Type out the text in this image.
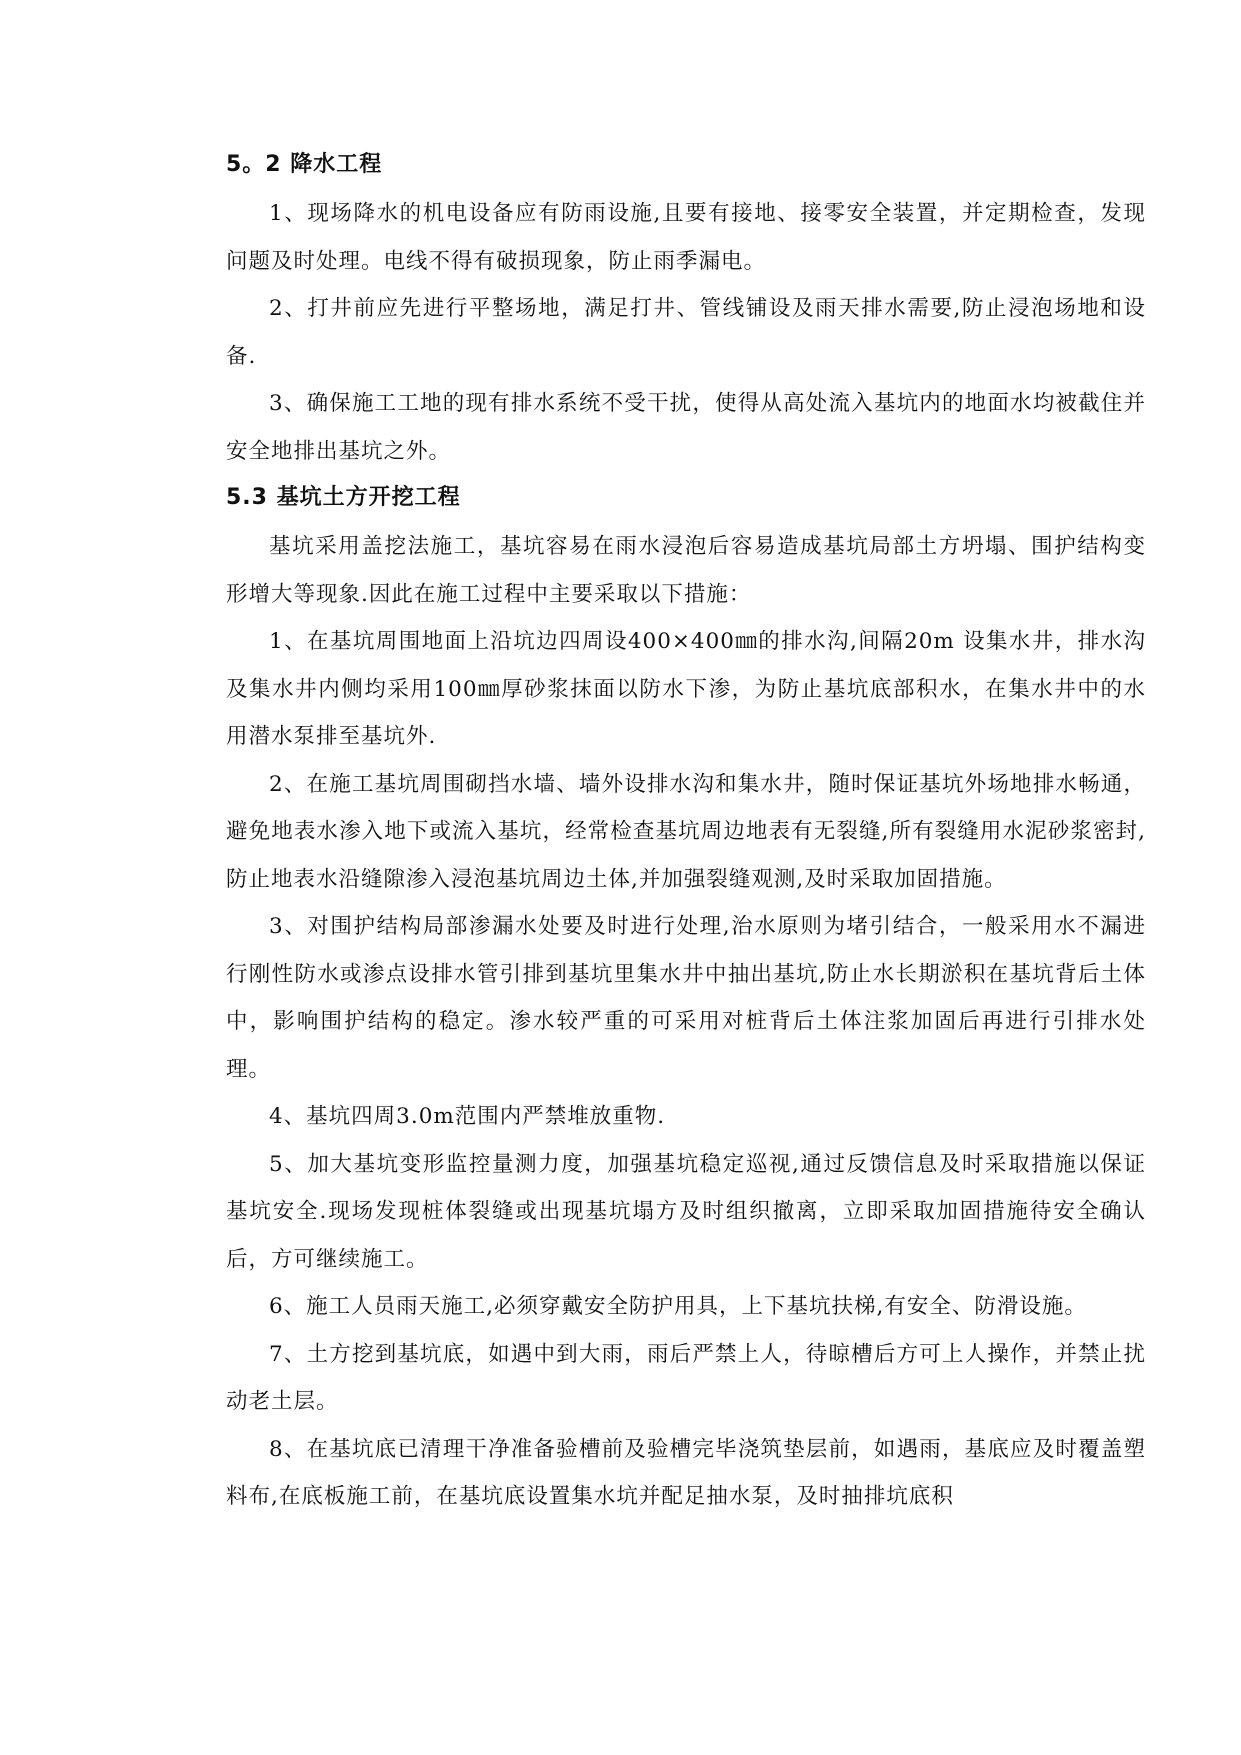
5。2 降水工程

1、现场降水的机电设备应有防雨设施,且要有接地、接零安全装置，并定期检查，发现问题及时处理。电线不得有破损现象，防止雨季漏电。

2、打井前应先进行平整场地，满足打井、管线铺设及雨天排水需要,防止浸泡场地和设备.

3、确保施工工地的现有排水系统不受干扰，使得从高处流入基坑内的地面水均被截住并安全地排出基坑之外。

5.3 基坑土方开挖工程

基坑采用盖挖法施工，基坑容易在雨水浸泡后容易造成基坑局部土方坍塌、围护结构变形增大等现象.因此在施工过程中主要采取以下措施：

1、在基坑周围地面上沿坑边四周设400×400㎜的排水沟,间隔20m 设集水井，排水沟及集水井内侧均采用100㎜厚砂浆抹面以防水下渗，为防止基坑底部积水，在集水井中的水用潜水泵排至基坑外.

2、在施工基坑周围砌挡水墙、墙外设排水沟和集水井，随时保证基坑外场地排水畅通，避免地表水渗入地下或流入基坑，经常检查基坑周边地表有无裂缝,所有裂缝用水泥砂浆密封,防止地表水沿缝隙渗入浸泡基坑周边土体,并加强裂缝观测,及时采取加固措施。

3、对围护结构局部渗漏水处要及时进行处理,治水原则为堵引结合，一般采用水不漏进行刚性防水或渗点设排水管引排到基坑里集水井中抽出基坑,防止水长期淤积在基坑背后土体中，影响围护结构的稳定。渗水较严重的可采用对桩背后土体注浆加固后再进行引排水处理。

4、基坑四周3.0m范围内严禁堆放重物.

5、加大基坑变形监控量测力度，加强基坑稳定巡视,通过反馈信息及时采取措施以保证基坑安全.现场发现桩体裂缝或出现基坑塌方及时组织撤离，立即采取加固措施待安全确认后，方可继续施工。

6、施工人员雨天施工,必须穿戴安全防护用具，上下基坑扶梯,有安全、防滑设施。

7、土方挖到基坑底，如遇中到大雨，雨后严禁上人，待晾槽后方可上人操作，并禁止扰动老土层。

8、在基坑底已清理干净准备验槽前及验槽完毕浇筑垫层前，如遇雨，基底应及时覆盖塑料布,在底板施工前，在基坑底设置集水坑并配足抽水泵，及时抽排坑底积
